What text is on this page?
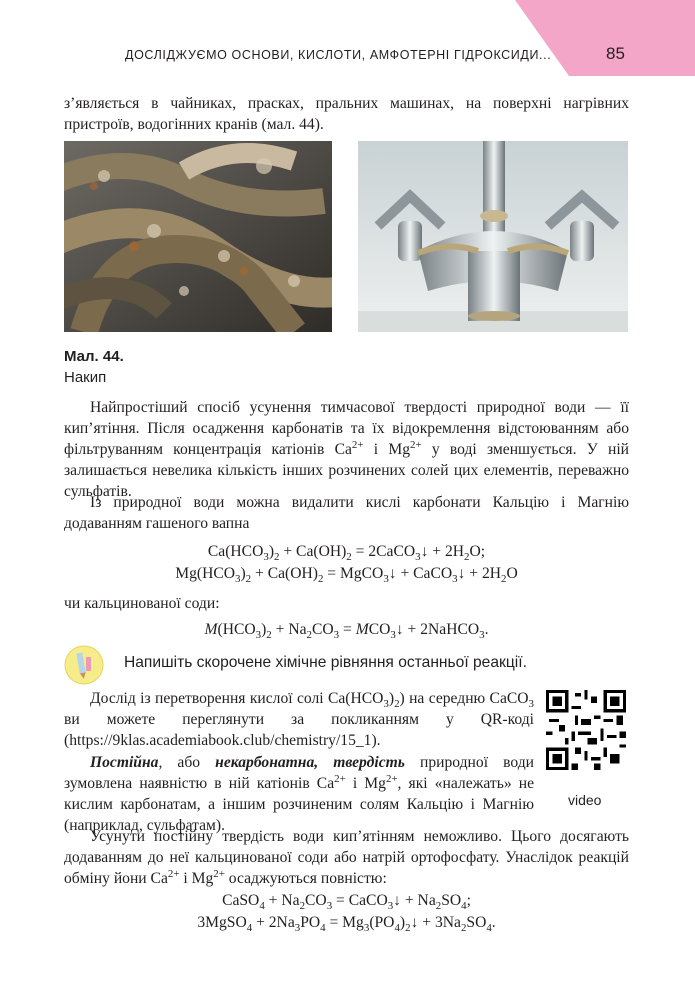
ДОСЛІДЖУЄМО ОСНОВИ, КИСЛОТИ, АМФОТЕРНІ ГІДРОКСИДИ...	85
з’являється в чайниках, прасках, пральних машинах, на поверхні нагрівних пристроїв, водогінних кранів (мал. 44).
Мал. 44.
Накип
Найпростіший спосіб усунення тимчасової твердості природної води — її кип’ятіння. Після осадження карбонатів та їх відокремлення відстоюванням або фільтруванням концентрація катіонів $Ca^{2+}$ і $Mg^{2+}$ у воді зменшується. У ній залишається невелика кількість інших розчинених солей цих елементів, переважно сульфатів.
Із природної води можна видалити кислі карбонати Кальцію і Магнію додаванням гашеного вапна
$Ca(HCO_3)_2 + Ca(OH)_2$ = 2CaCO$_3$↓ + $2H_2O$;
$Mg(HCO_3)_2 + Ca(OH)_2$ = MgCO$_3$↓ + CaCO$_3$↓ + $2H_2O$
чи кальцинованої соди:
$M(HCO_3)_2 + Na_2CO_3$ = $MCO_3↓$ + 2NaHCO$_3$.
Напишіть скорочене хімічне рівняння останньої реакції.
Дослід із перетворення кислої солі $Ca(HCO_3)_2$) на середню CaCO$_3$ ви можете переглянути за покликанням у QR-коді (https://9klas.academiabook.club/chemistry/15_1).
video
Постійна, або некарбонатна, твердість природної води зумовлена наявністю в ній катіонів $Ca^{2+}$ і $Mg^{2+}$, які «належать» не кислим карбонатам, а іншим розчиненим солям Кальцію і Магнію (наприклад, сульфатам).
Усунути постійну твердість води кип’ятінням неможливо. Цього досягають додаванням до неї кальцинованої соди або натрій ортофосфату. Унаслідок реакцій обміну йони $Ca^{2+}$ і $Mg^{2+}$ осаджуються повністю:
CaSO$_4$ + $Na_2CO_3$ = CaCO$_3$↓ + $Na_2SO_4$;
3MgSO$_4$ + $2Na_3PO_4$ = $Mg_3(PO_4)_2↓ + 3Na_2SO_4$.
